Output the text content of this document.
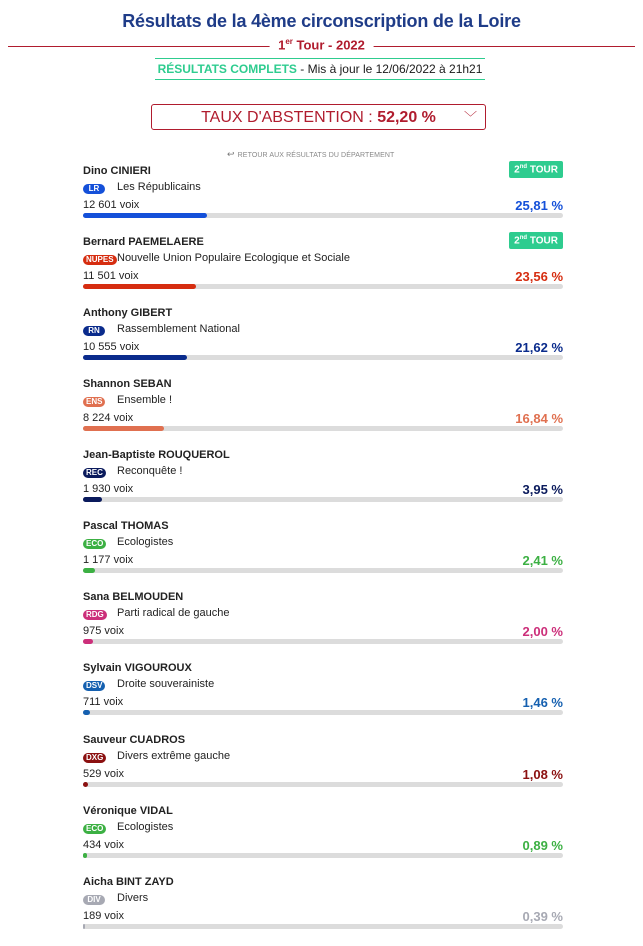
Résultats de la 4ème circonscription de la Loire
1er Tour - 2022
RÉSULTATS COMPLETS - Mis à jour le 12/06/2022 à 21h21
TAUX D'ABSTENTION : 52,20 % ﹀
↩ RETOUR AUX RÉSULTATS DU DÉPARTEMENT
Dino CINIERI	2nd TOUR
LR	Les Républicains
12 601 voix	25,81 %
Bernard PAEMELAERE	2nd TOUR
NUPES Nouvelle Union Populaire Ecologique et Sociale
11 501 voix	23,56 %
Anthony GIBERT
RN	Rassemblement National
10 555 voix	21,62 %
Shannon SEBAN
ENS Ensemble !
8 224 voix	16,84 %
Jean-Baptiste ROUQUEROL
REC Reconquête !
1 930 voix	3,95 %
Pascal THOMAS
ECO Ecologistes
1 177 voix	2,41 %
Sana BELMOUDEN
RDG Parti radical de gauche
975 voix	2,00 %
Sylvain VIGOUROUX
DSV Droite souverainiste
711 voix	1,46 %
Sauveur CUADROS
DXG Divers extrême gauche
529 voix	1,08 %
Véronique VIDAL
ECO Ecologistes
434 voix	0,89 %
Aicha BINT ZAYD
DIV	Divers
189 voix	0,39 %
